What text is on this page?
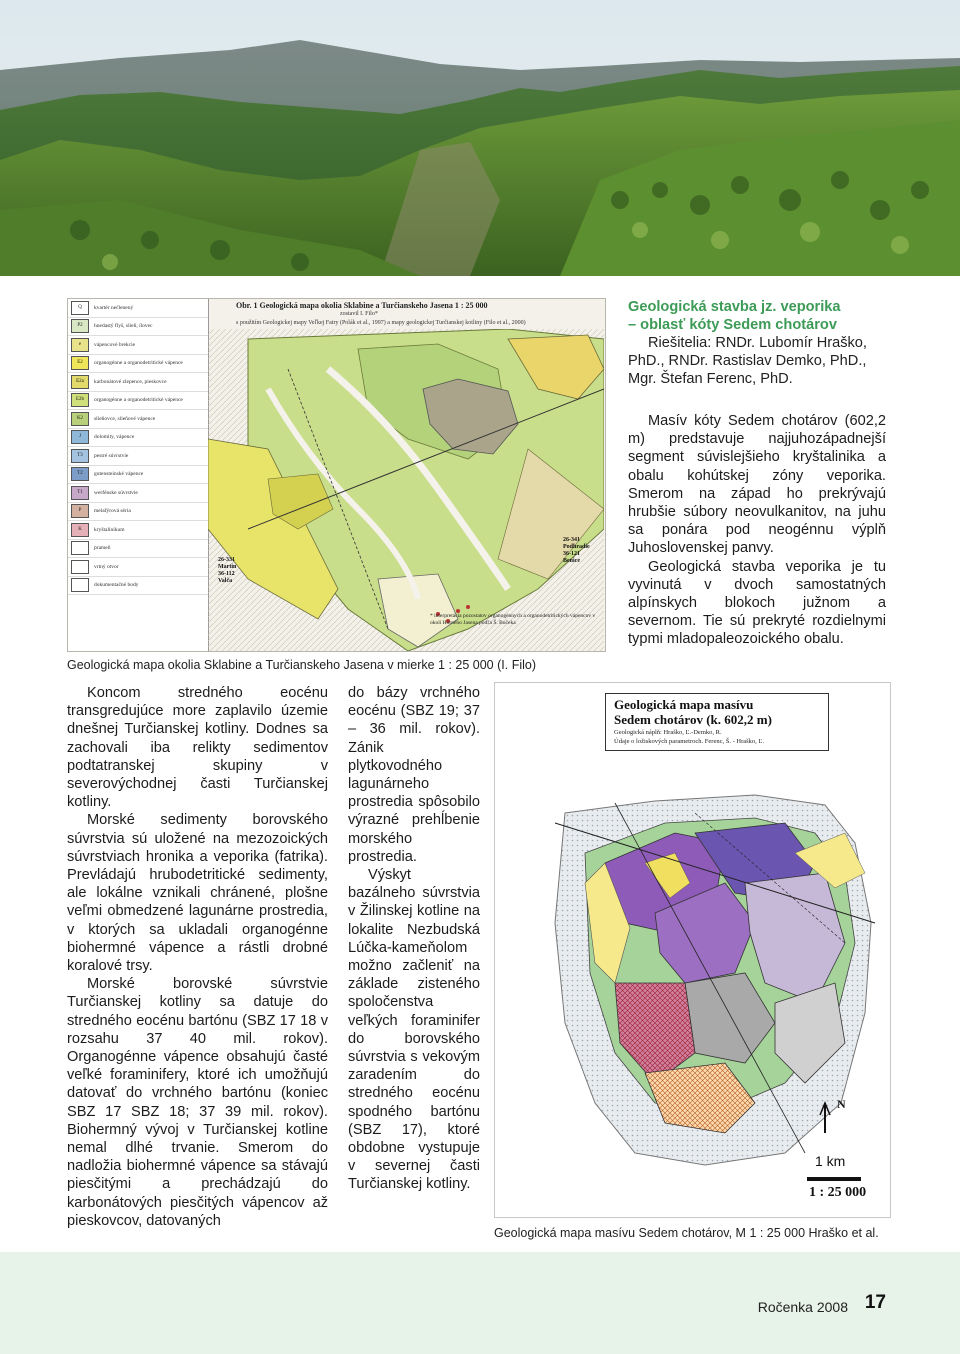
Q	kvartér nečlenený
P2	hnedastý flyš, slieň, ílovec
e	vápencové brekcie
E2	organogénne a organodetritické vápence
E2a	karbonátové zlepence, pieskovce
E2b	organogénne a organodetritické vápence
K2	slieňovce, slieňové vápence
J	dolomity, vápence
T3	pestré súvrstvie
T2	gutensteinské vápence
T1	werfénske súvrstvie
P	melafýrová séria
K	kryštalinikum
prameň
vrtný otvor
dokumentačné body
Obr. 1 Geologická mapa okolia Sklabine a Turčianskeho Jasena 1 : 25 000
zostavil I. Filo*
s použitím Geologickej mapy Veľkej Fatry (Polák et al., 1997) a mapy geologickej Turčianskej kotliny (Filo et al., 2000)
26-341
Podhradie
36-121
Benice
26-331
Martin
36-112
Valča
* interpretácia pozostatov organogénnych a organodetritických vápencov v okolí Horného Jasena podľa Š. Bučeka
Geologická mapa okolia Sklabine a Turčianskeho Jasena v mierke 1 : 25 000 (I. Filo)
Geologická stavba jz. veporika
– oblasť kóty Sedem chotárov
Riešitelia: RNDr. Lubomír Hraško,
PhD., RNDr. Rastislav Demko, PhD.,
Mgr. Štefan Ferenc, PhD.

Masív kóty Sedem chotárov (602,2 m) predstavuje najjuhozápadnejší segment súvislejšieho kryštalinika a obalu kohútskej zóny veporika. Smerom na západ ho prekrývajú hrubšie súbory neovulkanitov, na juhu sa ponára pod neogénnu výplň Juhoslovenskej panvy.

Geologická stavba veporika je tu vyvinutá v dvoch samostatných alpínskych blokoch južnom a severnom. Tie sú prekryté rozdielnymi typmi mladopaleozoického obalu.

Koncom stredného eocénu transgredujúce more zaplavilo územie dnešnej Turčianskej kotliny. Dodnes sa zachovali iba relikty sedimentov podtatranskej skupiny v severovýchodnej časti Turčianskej kotliny.

Morské sedimenty borovského súvrstvia sú uložené na mezozoických súvrstviach hronika a veporika (fatrika). Prevládajú hrubodetritické sedimenty, ale lokálne vznikali chránené, plošne veľmi obmedzené lagunárne prostredia, v ktorých sa ukladali organogénne biohermné vápence a rástli drobné koralové trsy.

Morské borovské súvrstvie Turčianskej kotliny sa datuje do stredného eocénu bartónu (SBZ 17 18 v rozsahu 37 40 mil. rokov). Organogénne vápence obsahujú časté veľké foraminifery, ktoré ich umožňujú datovať do vrchného bartónu (koniec SBZ 17 SBZ 18; 37 39 mil. rokov). Biohermný vývoj v Turčianskej kotline nemal dlhé trvanie. Smerom do nadložia biohermné vápence sa stávajú piesčitými a prechádzajú do karbonátových piesčitých vápencov až pieskovcov, datovaných

do bázy vrchného eocénu (SBZ 19; 37 – 36 mil. rokov). Zánik plytkovodného lagunárneho prostredia spôsobilo výrazné prehĺbenie morského prostredia.

Výskyt bazálneho súvrstvia v Žilinskej kotline na lokalite Nezbudská Lúčka-kameňolom možno začleniť na základe zisteného spoločenstva veľkých foraminifer do borovského súvrstvia s vekovým zaradením do stredného eocénu spodného bartónu (SBZ 17), ktoré obdobne vystupuje v severnej časti Turčianskej kotliny.

Geologická mapa masívu
Sedem chotárov (k. 602,2 m)
Geologická náplň: Hraško, Ľ.-Demko, R.
Údaje o ložiskových parametroch. Ferenc, Š. - Hraško, Ľ.
N
1 km
1 : 25 000
Geologická mapa masívu Sedem chotárov, M 1 : 25 000 Hraško et al.
Ročenka 2008 17
